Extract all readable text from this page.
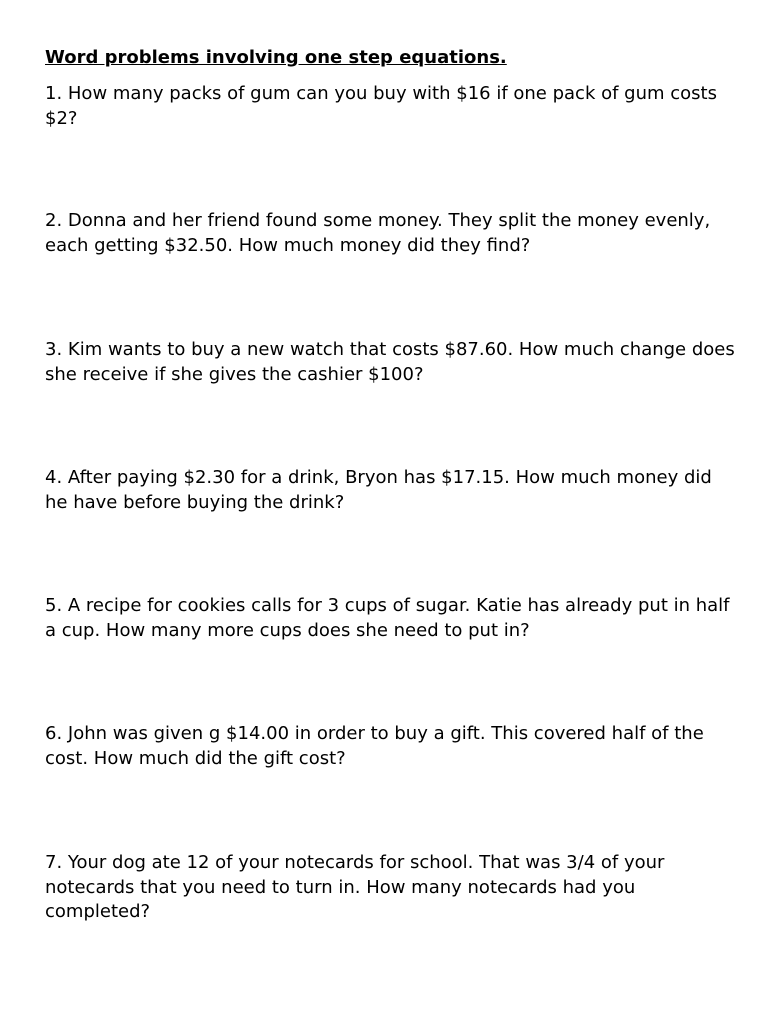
Word problems involving one step equations.

1. How many packs of gum can you buy with $16 if one pack of gum costs $2?

2. Donna and her friend found some money. They split the money evenly, each getting $32.50. How much money did they find?

3. Kim wants to buy a new watch that costs $87.60. How much change does she receive if she gives the cashier $100?

4. After paying $2.30 for a drink, Bryon has $17.15. How much money did he have before buying the drink?

5. A recipe for cookies calls for 3 cups of sugar. Katie has already put in half a cup. How many more cups does she need to put in?

6. John was given g $14.00 in order to buy a gift. This covered half of the cost. How much did the gift cost?

7. Your dog ate 12 of your notecards for school. That was 3/4 of your notecards that you need to turn in. How many notecards had you completed?
